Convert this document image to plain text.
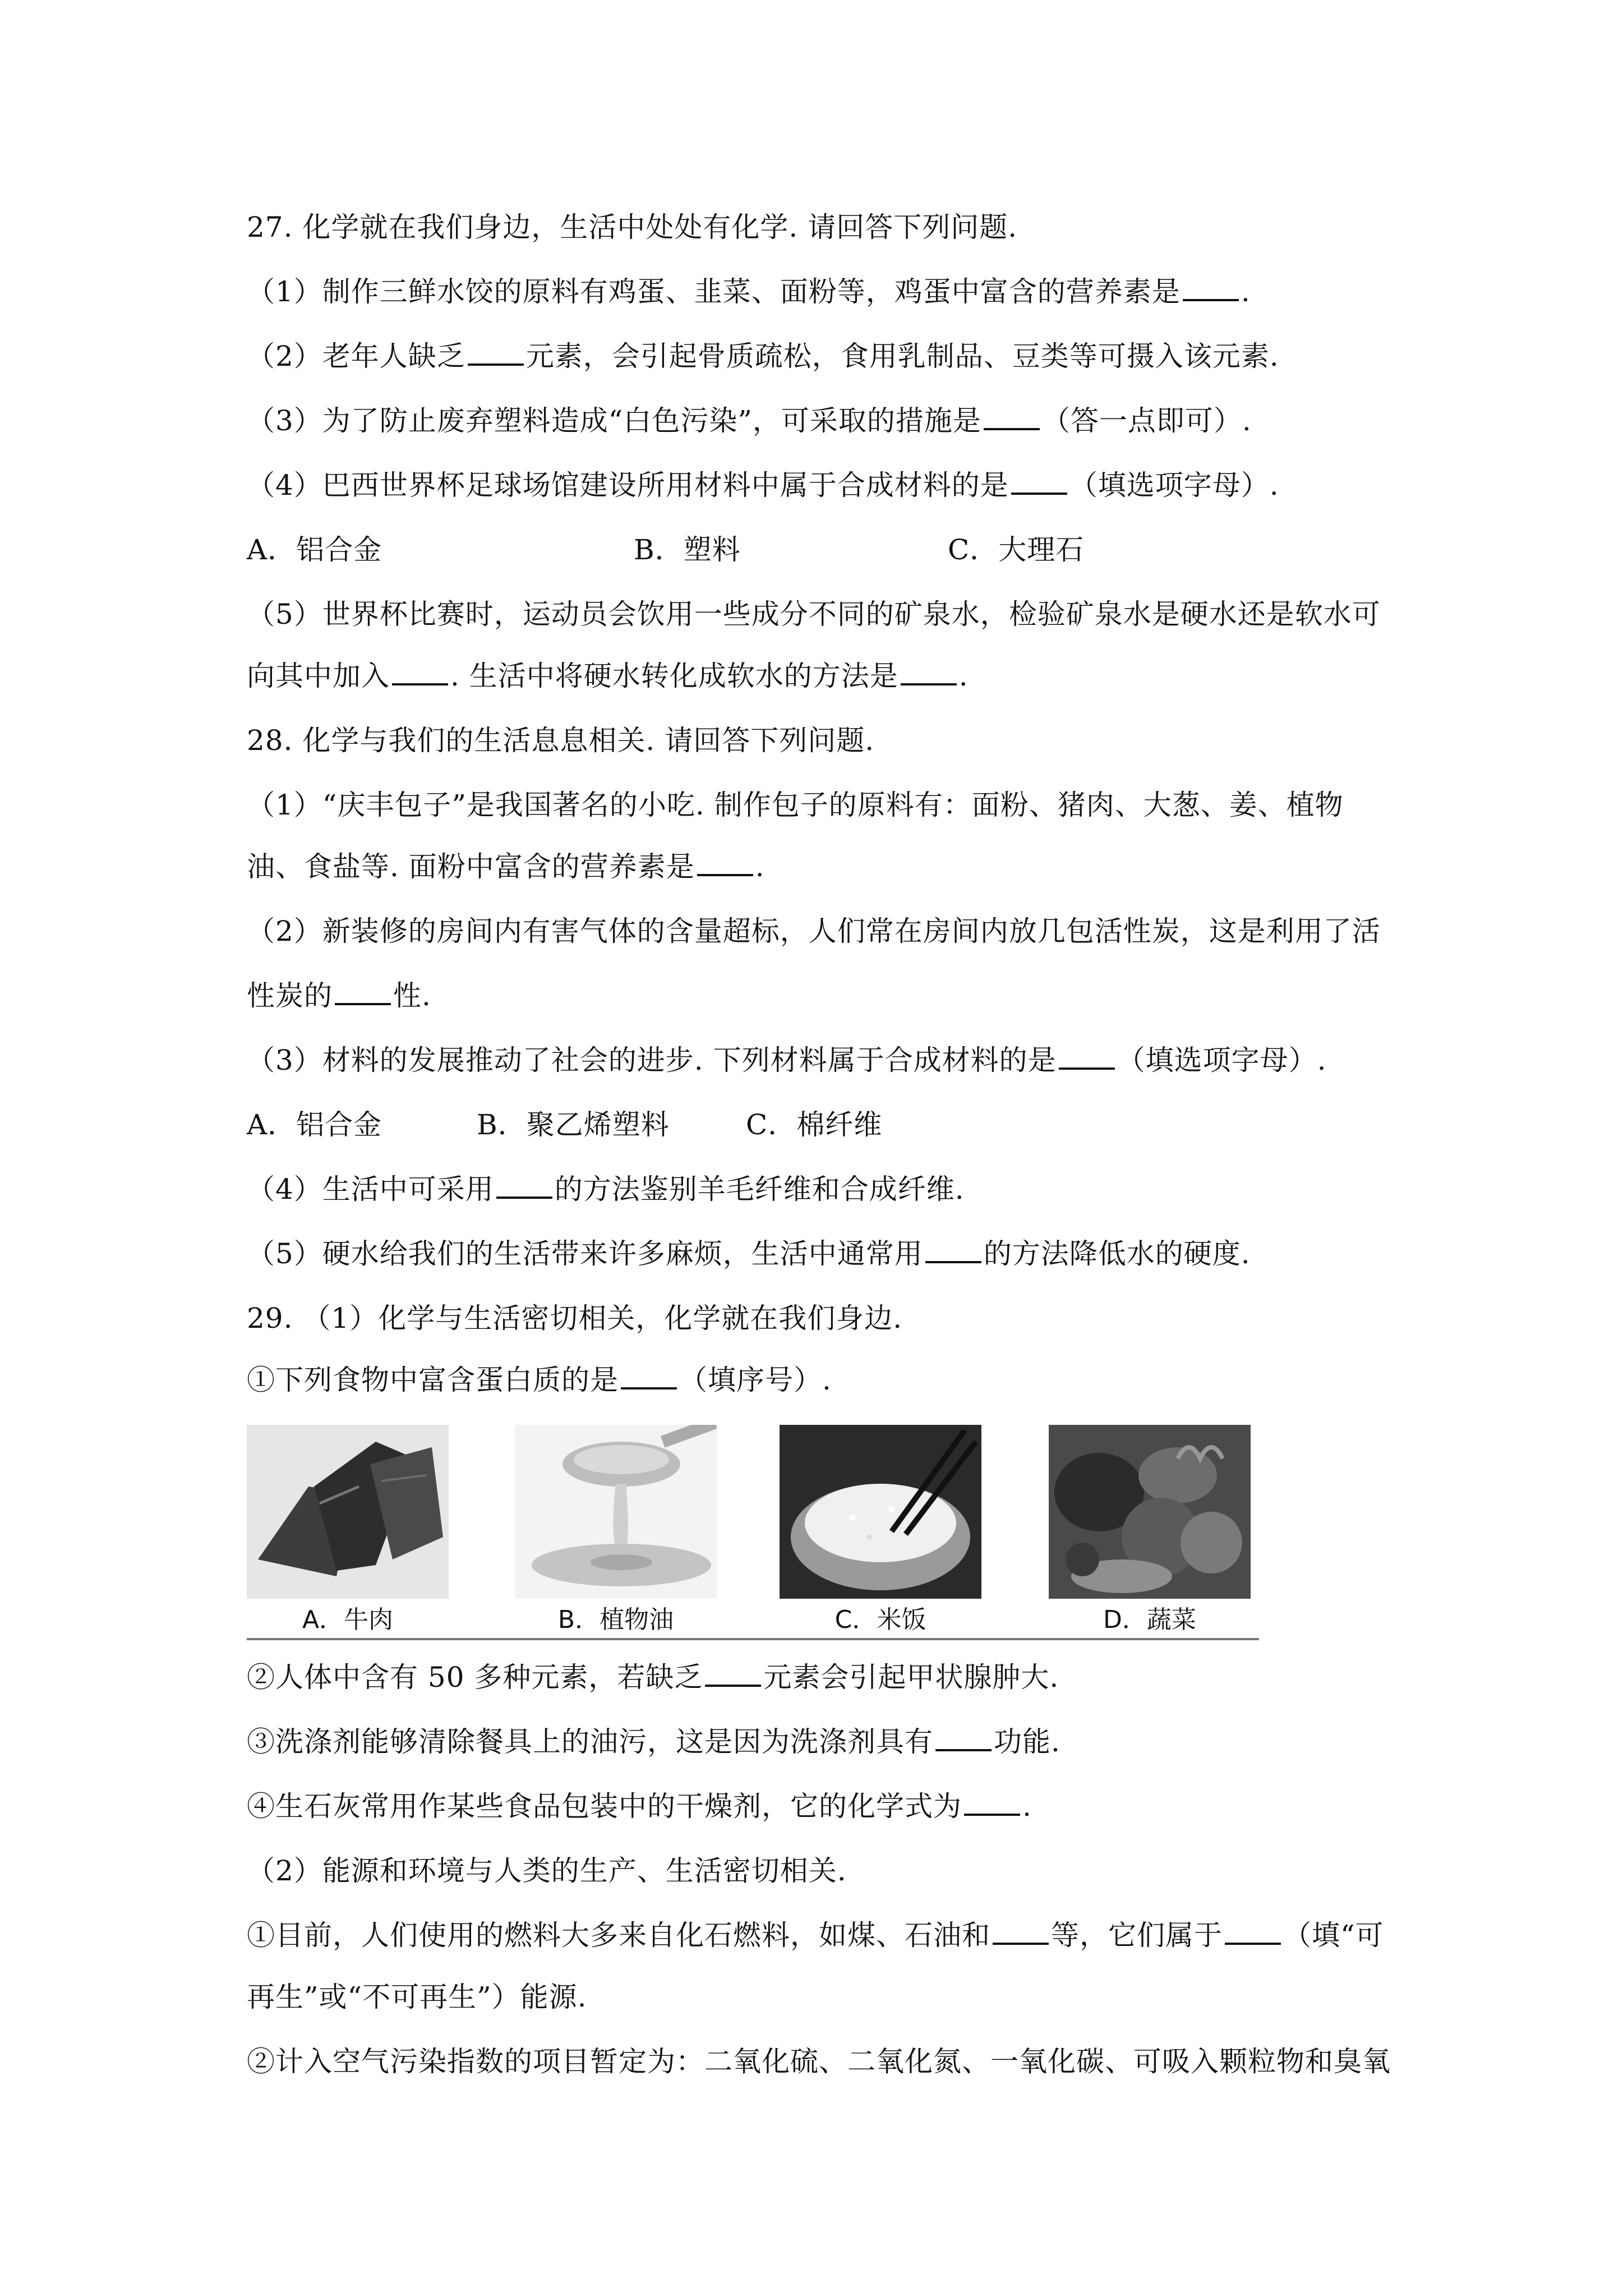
27. 化学就在我们身边，生活中处处有化学. 请回答下列问题.
（1）制作三鲜水饺的原料有鸡蛋、韭菜、面粉等，鸡蛋中富含的营养素是 .
（2）老年人缺乏 元素，会引起骨质疏松，食用乳制品、豆类等可摄入该元素.
（3）为了防止废弃塑料造成“白色污染”，可采取的措施是 （答一点即可）.
（4）巴西世界杯足球场馆建设所用材料中属于合成材料的是 （填选项字母）.
A．铝合金	B．塑料	C．大理石
（5）世界杯比赛时，运动员会饮用一些成分不同的矿泉水，检验矿泉水是硬水还是软水可
向其中加入 . 生活中将硬水转化成软水的方法是 .
28. 化学与我们的生活息息相关. 请回答下列问题.
（1）“庆丰包子”是我国著名的小吃. 制作包子的原料有：面粉、猪肉、大葱、姜、植物
油、食盐等. 面粉中富含的营养素是 .
（2）新装修的房间内有害气体的含量超标，人们常在房间内放几包活性炭，这是利用了活
性炭的 性.
（3）材料的发展推动了社会的进步. 下列材料属于合成材料的是 （填选项字母）.
A．铝合金	B．聚乙烯塑料	C．棉纤维
（4）生活中可采用 的方法鉴别羊毛纤维和合成纤维.
（5）硬水给我们的生活带来许多麻烦，生活中通常用 的方法降低水的硬度.
29. （1）化学与生活密切相关，化学就在我们身边.
①下列食物中富含蛋白质的是 （填序号）.
A．牛肉	B．植物油	C．米饭	D．蔬菜
②人体中含有 50 多种元素，若缺乏 元素会引起甲状腺肿大.
③洗涤剂能够清除餐具上的油污，这是因为洗涤剂具有 功能.
④生石灰常用作某些食品包装中的干燥剂，它的化学式为 .
（2）能源和环境与人类的生产、生活密切相关.
①目前，人们使用的燃料大多来自化石燃料，如煤、石油和 等，它们属于 （填“可
再生”或“不可再生”）能源.
②计入空气污染指数的项目暂定为：二氧化硫、二氧化氮、一氧化碳、可吸入颗粒物和臭氧
